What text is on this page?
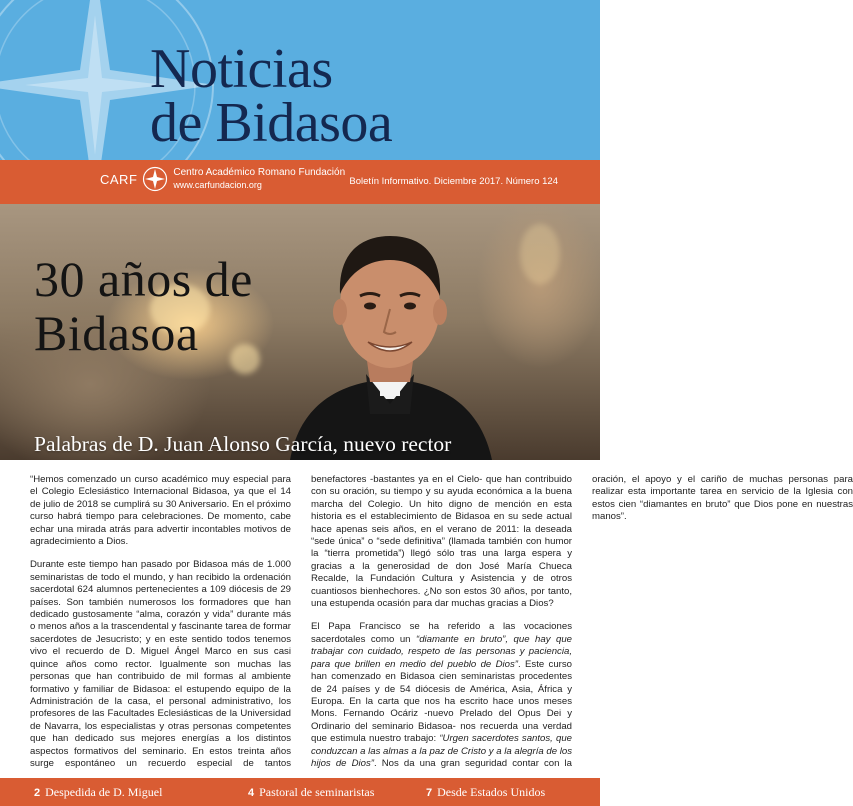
Noticias
de Bidasoa
CARF	Centro Académico Romano Fundación
www.carfundacion.org	Boletín Informativo. Diciembre 2017. Número 124
30 años de
Bidasoa
Palabras de D. Juan Alonso García, nuevo rector

“Hemos comenzado un curso académico muy especial para el Colegio Eclesiástico Internacional Bidasoa, ya que el 14 de julio de 2018 se cumplirá su 30 Aniversario. En el próximo curso habrá tiempo para celebraciones. De momento, cabe echar una mirada atrás para advertir incontables motivos de agradecimiento a Dios.

Durante este tiempo han pasado por Bidasoa más de 1.000 seminaristas de todo el mundo, y han recibido la ordenación sacerdotal 624 alumnos pertenecientes a 109 diócesis de 29 países. Son también numerosos los formadores que han dedicado gustosamente “alma, corazón y vida” durante más o menos años a la trascendental y fascinante tarea de formar sacerdotes de Jesucristo; y en este sentido todos tenemos vivo el recuerdo de D. Miguel Ángel Marco en sus casi quince años como rector. Igualmente son muchas las personas que han contribuido de mil formas al ambiente formativo y familiar de Bidasoa: el estupendo equipo de la Administración de la casa, el personal administrativo, los profesores de las Facultades Eclesiásticas de la Universidad de Navarra, los especialistas y otras personas competentes que han dedicado sus mejores energías a los distintos aspectos formativos del seminario. En estos treinta años surge espontáneo un recuerdo especial de tantos benefactores -bastantes ya en el Cielo- que han contribuido con su oración, su tiempo y su ayuda económica a la buena marcha del Colegio. Un hito digno de mención en esta historia es el establecimiento de Bidasoa en su sede actual hace apenas seis años, en el verano de 2011: la deseada “sede única” o “sede definitiva” (llamada también con humor la “tierra prometida”) llegó sólo tras una larga espera y gracias a la generosidad de don José María Chueca Recalde, la Fundación Cultura y Asistencia y de otros cuantiosos bienhechores. ¿No son estos 30 años, por tanto, una estupenda ocasión para dar muchas gracias a Dios?

El Papa Francisco se ha referido a las vocaciones sacerdotales como un “diamante en bruto”, que hay que trabajar con cuidado, respeto de las personas y paciencia, para que brillen en medio del pueblo de Dios”. Este curso han comenzado en Bidasoa cien seminaristas procedentes de 24 países y de 54 diócesis de América, Asia, África y Europa. En la carta que nos ha escrito hace unos meses Mons. Fernando Ocáriz -nuevo Prelado del Opus Dei y Ordinario del seminario Bidasoa- nos recuerda una verdad que estimula nuestro trabajo: “Urgen sacerdotes santos, que conduzcan a las almas a la paz de Cristo y a la alegría de los hijos de Dios”. Nos da una gran seguridad contar con la oración, el apoyo y el cariño de muchas personas para realizar esta importante tarea en servicio de la Iglesia con estos cien “diamantes en bruto” que Dios pone en nuestras manos”.

2 Despedida de D. Miguel	4 Pastoral de seminaristas	7 Desde Estados Unidos
